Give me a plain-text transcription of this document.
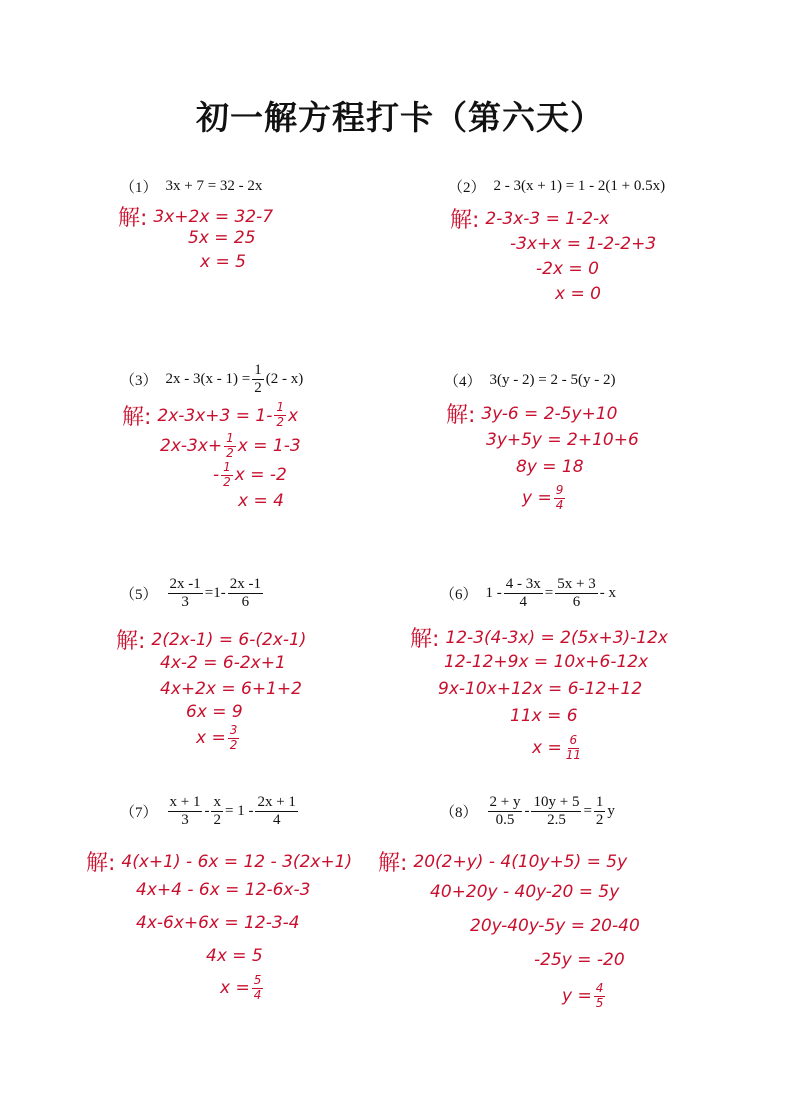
初一解方程打卡（第六天）
（1） 3x + 7 = 32 - 2x
解: 3x+2x = 32-7
5x = 25
x = 5
（2） 2 - 3(x + 1) = 1 - 2(1 + 0.5x)
解: 2-3x-3 = 1-2-x
-3x+x = 1-2-2+3
-2x = 0
x = 0
（3） $2x - 3(x - 1) = \frac{1}{2} (2 - x)$
解: $2x-3x+3 = 1- \frac{1}{2}$ x
$2x-3x+ \frac{1}{2}$ x = 1-3
- $\frac{1}{2}$ x = -2
x = 4
（4） 3(y - 2) = 2 - 5(y - 2)
解: 3y-6 = 2-5y+10
3y+5y = 2+10+6
8y = 18
$y = \frac{9}{4}$
$(5) \frac{2x -1}{3} =1- \frac{2x -1}{6}$
解: 2(2x-1) = 6-(2x-1)
4x-2 = 6-2x+1
4x+2x = 6+1+2
6x = 9
$x = \frac{3}{2}$
（6） $1 - \frac{4 - 3x}{4} = \frac{5x + 3}{6} - x$
解: 12-3(4-3x) = 2(5x+3)-12x
12-12+9x = 10x+6-12x
9x-10x+12x = 6-12+12
11x = 6
$x = \frac{6}{11}$
$(7) \frac{x + 1}{3} - \frac{x}{2} = 1 - \frac{2x + 1}{4}$
解: 4(x+1) - 6x = 12 - 3(2x+1)
4x+4 - 6x = 12-6x-3
4x-6x+6x = 12-3-4
4x = 5
$x = \frac{5}{4}$
$(8) \frac{2 + y}{0.5} - \frac{10y + 5}{2.5} = \frac{1}{2}$ y
解: 20(2+y) - 4(10y+5) = 5y
40+20y - 40y-20 = 5y
20y-40y-5y = 20-40
-25y = -20
$y = \frac{4}{5}$
